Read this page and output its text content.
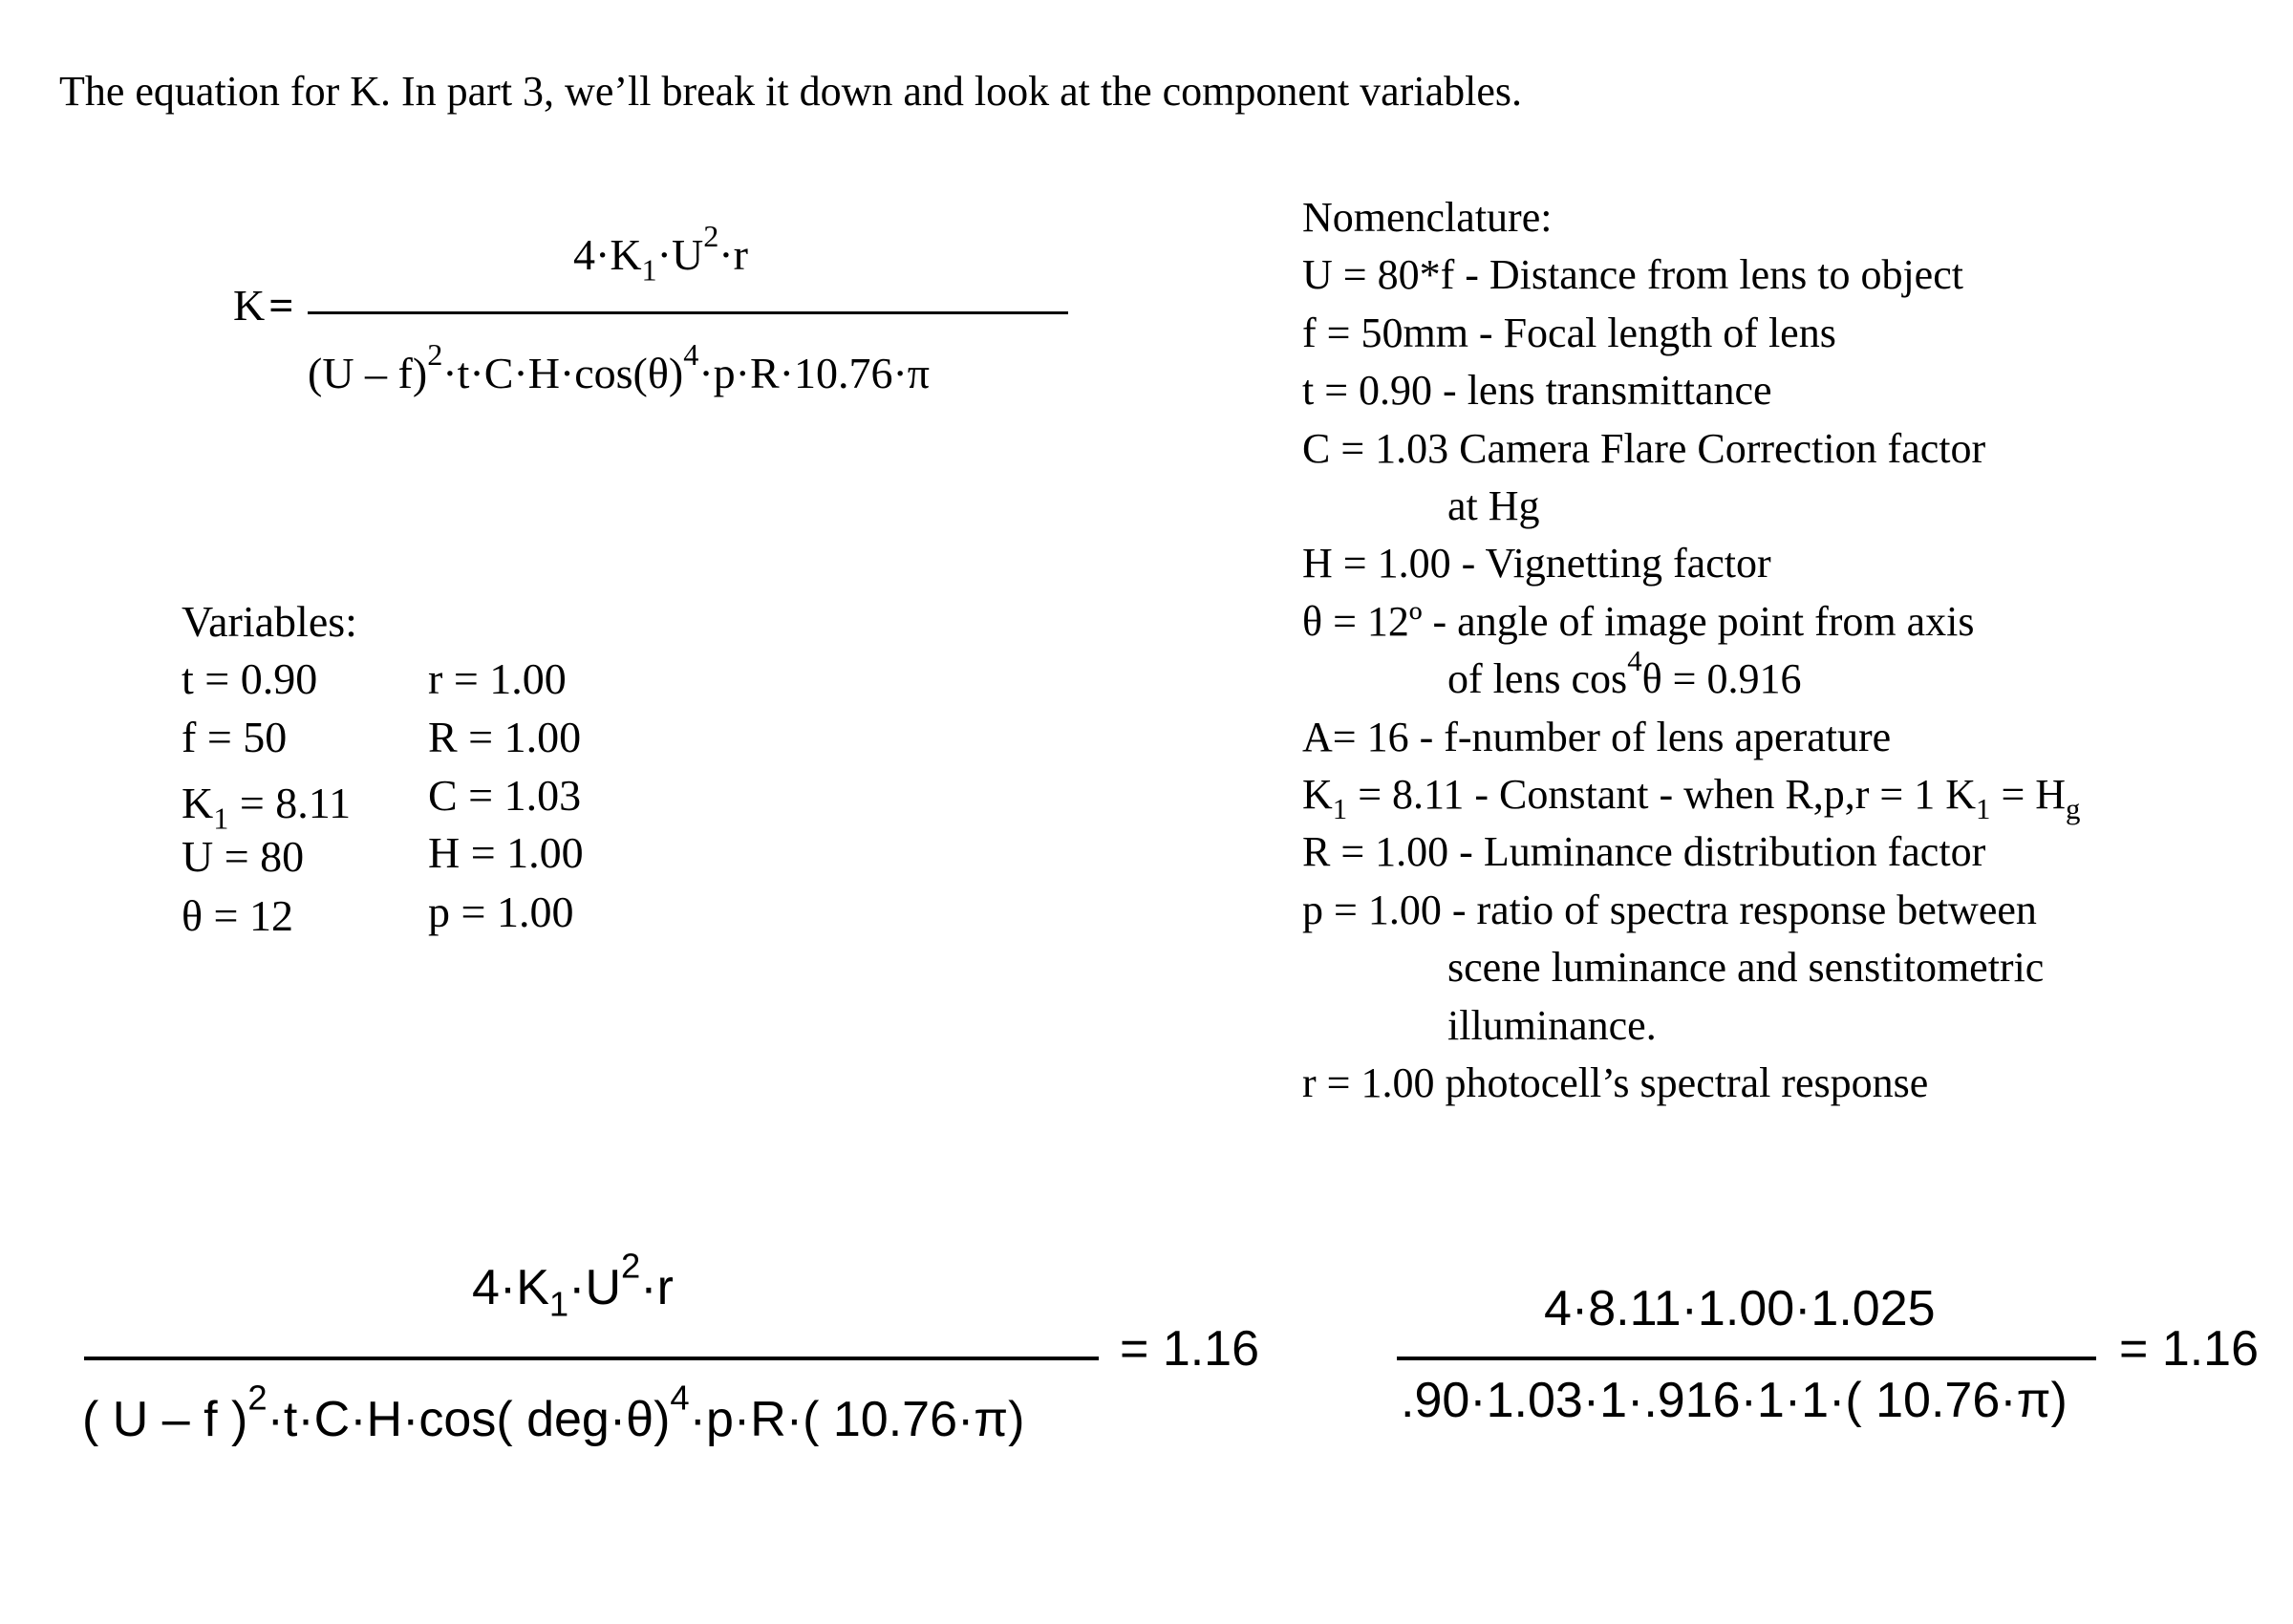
The equation for K. In part 3, we’ll break it down and look at the component variables.
K=
$4\cdot K_1\cdot U^2\cdot r$
$(U - f)^2\cdot t\cdot C\cdot H\cdot\cos(\theta)^4\cdot p\cdot R\cdot 10.76\cdot\pi$
Variables:
t = 0.90
f = 50
$K_1 = 8.11$
U = 80
θ = 12
r = 1.00
R = 1.00
C = 1.03
H = 1.00
p = 1.00
Nomenclature:
U = 80*f - Distance from lens to object
f = 50mm - Focal length of lens
t = 0.90 - lens transmittance
C = 1.03 Camera Flare Correction factor
at Hg
H = 1.00 - Vignetting factor
θ = 12º - angle of image point from axis
of lens $\cos^4\theta = 0.916$
A= 16 - f-number of lens aperature
$K_1 = 8.11$ - Constant - when R,p,r = 1 $K_1 = H_g$
R = 1.00 - Luminance distribution factor
p = 1.00 - ratio of spectra response between
scene luminance and senstitometric
illuminance.
r = 1.00 photocell’s spectral response
$4\cdot K_1\cdot U^2\cdot r$
( U – f )$^2$·t·C·H·cos( deg·θ)$^4$·p·R·( 10.76·π)
= 1.16
4·8.11·1.00·1.025
.90·1.03·1·.916·1·1·( 10.76·π)
= 1.16
